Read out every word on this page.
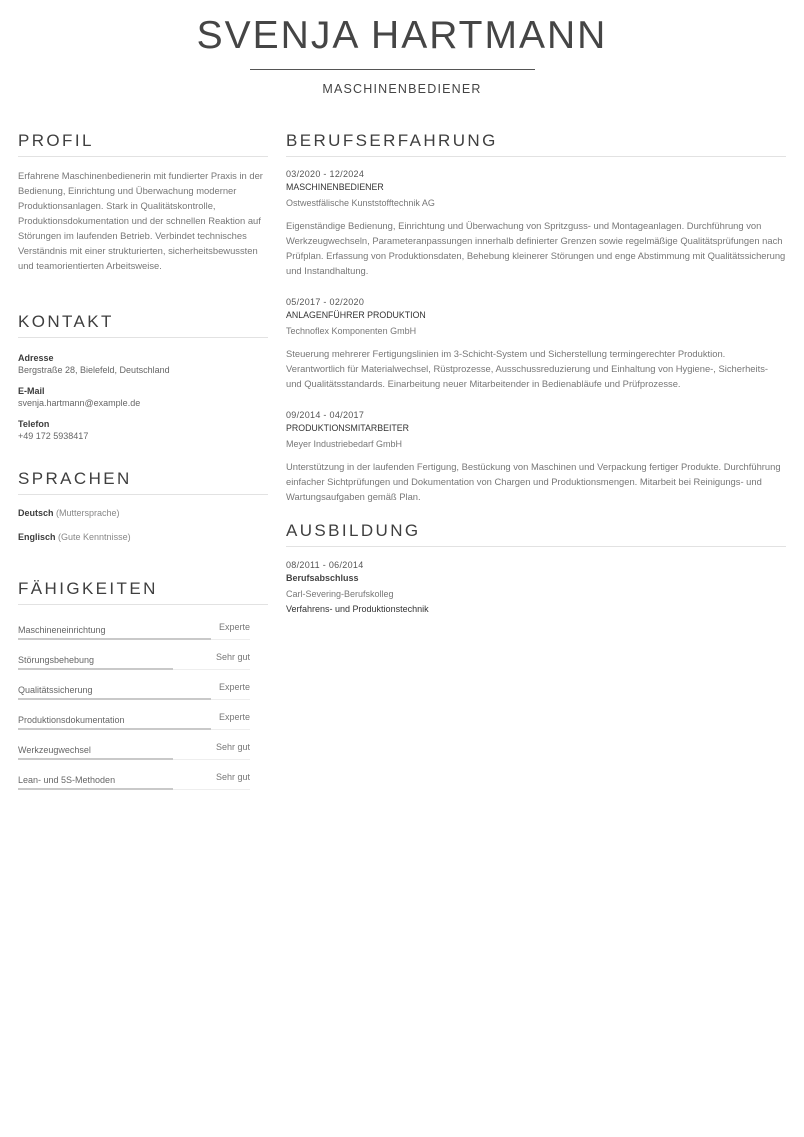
SVENJA HARTMANN
MASCHINENBEDIENER
PROFIL
Erfahrene Maschinenbedienerin mit fundierter Praxis in der Bedienung, Einrichtung und Überwachung moderner Produktionsanlagen. Stark in Qualitätskontrolle, Produktionsdokumentation und der schnellen Reaktion auf Störungen im laufenden Betrieb. Verbindet technisches Verständnis mit einer strukturierten, sicherheitsbewussten und teamorientierten Arbeitsweise.
KONTAKT
Adresse
Bergstraße 28, Bielefeld, Deutschland
E-Mail
svenja.hartmann@example.de
Telefon
+49 172 5938417
SPRACHEN
Deutsch (Muttersprache)
Englisch (Gute Kenntnisse)
FÄHIGKEITEN
Maschineneinrichtung	Experte
Störungsbehebung	Sehr gut
Qualitätssicherung	Experte
Produktionsdokumentation	Experte
Werkzeugwechsel	Sehr gut
Lean- und 5S-Methoden	Sehr gut
BERUFSERFAHRUNG
03/2020 - 12/2024
MASCHINENBEDIENER
Ostwestfälische Kunststofftechnik AG
Eigenständige Bedienung, Einrichtung und Überwachung von Spritzguss- und Montageanlagen. Durchführung von Werkzeugwechseln, Parameteranpassungen innerhalb definierter Grenzen sowie regelmäßige Qualitätsprüfungen nach Prüfplan. Erfassung von Produktionsdaten, Behebung kleinerer Störungen und enge Abstimmung mit Qualitätssicherung und Instandhaltung.
05/2017 - 02/2020
ANLAGENFÜHRER PRODUKTION
Technoflex Komponenten GmbH
Steuerung mehrerer Fertigungslinien im 3-Schicht-System und Sicherstellung termingerechter Produktion. Verantwortlich für Materialwechsel, Rüstprozesse, Ausschussreduzierung und Einhaltung von Hygiene-, Sicherheits- und Qualitätsstandards. Einarbeitung neuer Mitarbeitender in Bedienabläufe und Prüfprozesse.
09/2014 - 04/2017
PRODUKTIONSMITARBEITER
Meyer Industriebedarf GmbH
Unterstützung in der laufenden Fertigung, Bestückung von Maschinen und Verpackung fertiger Produkte. Durchführung einfacher Sichtprüfungen und Dokumentation von Chargen und Produktionsmengen. Mitarbeit bei Reinigungs- und Wartungsaufgaben gemäß Plan.
AUSBILDUNG
08/2011 - 06/2014
Berufsabschluss
Carl-Severing-Berufskolleg
Verfahrens- und Produktionstechnik
